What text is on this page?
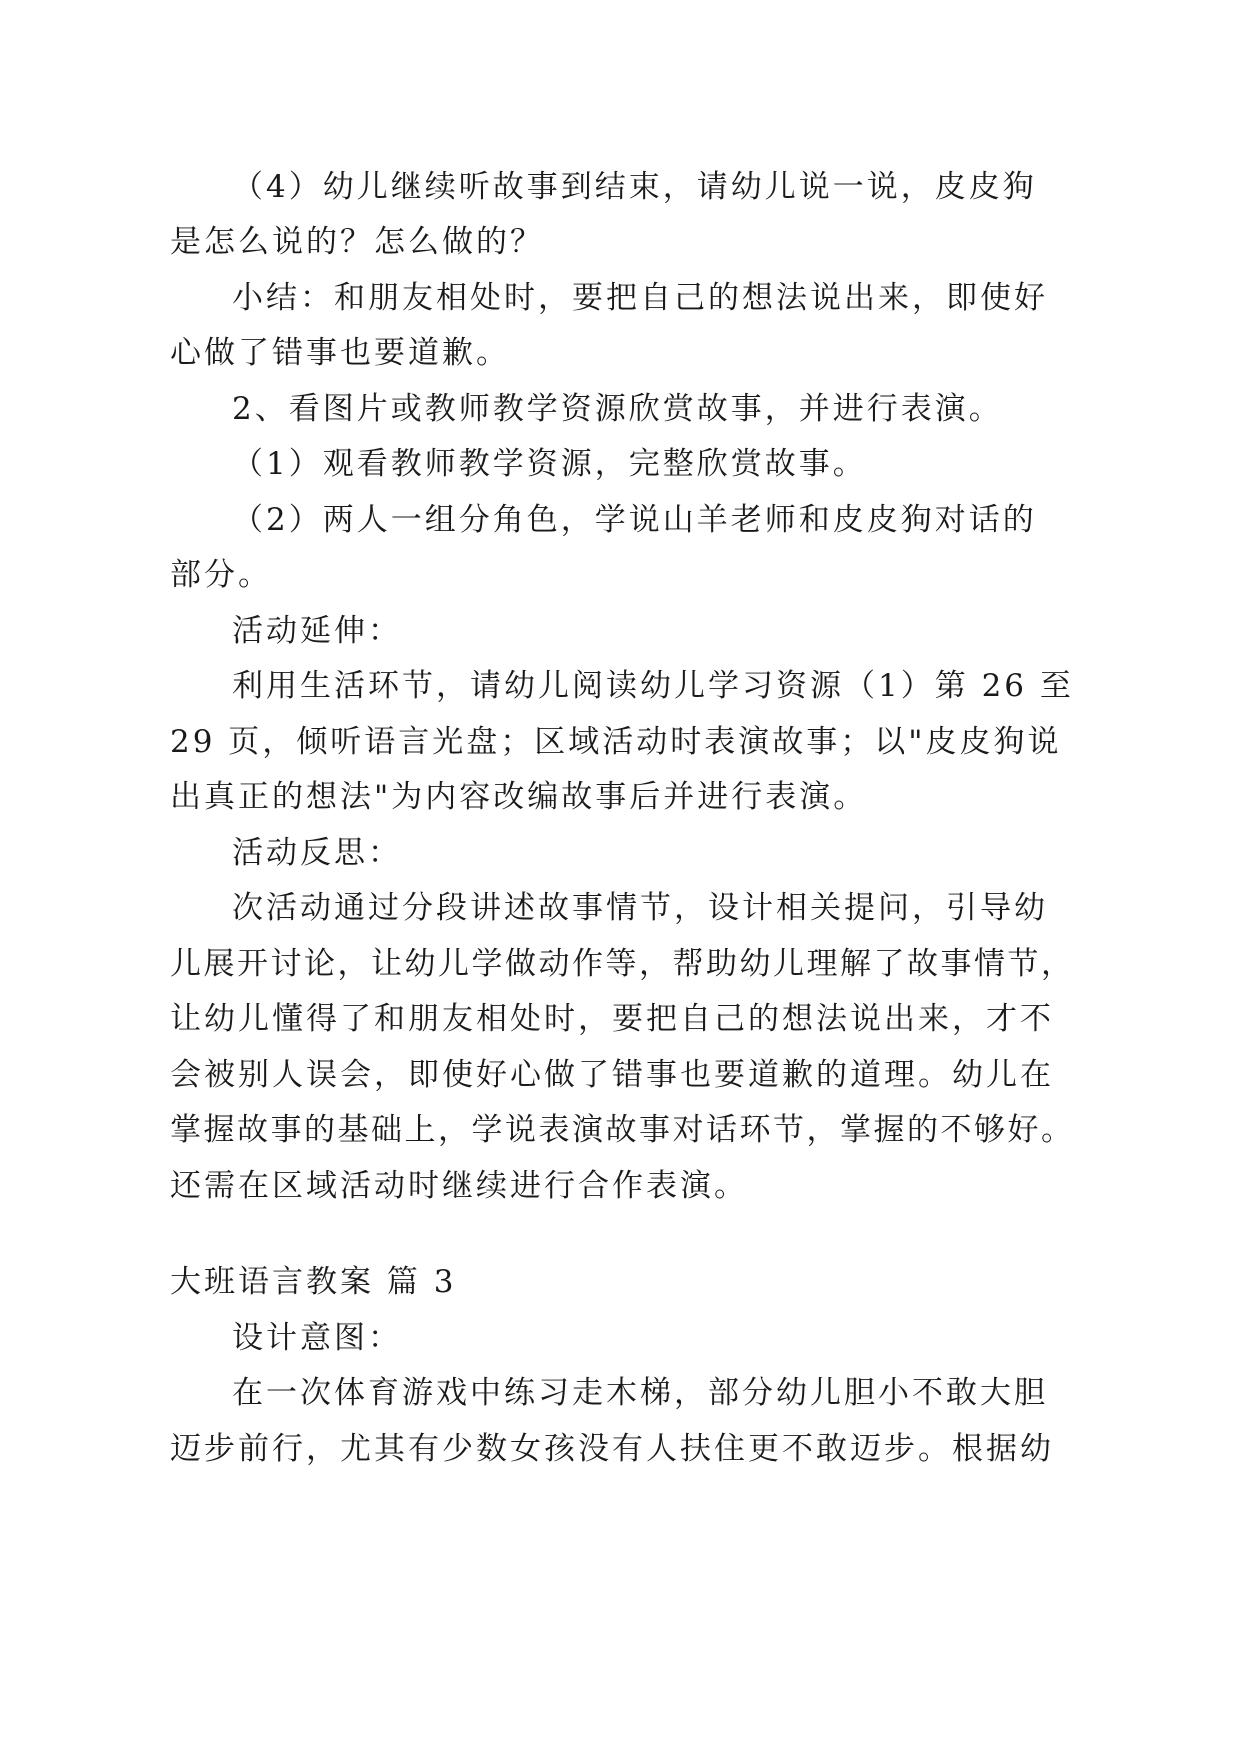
（4）幼儿继续听故事到结束，请幼儿说一说，皮皮狗
是怎么说的？怎么做的？
小结：和朋友相处时，要把自己的想法说出来，即使好
心做了错事也要道歉。
2、看图片或教师教学资源欣赏故事，并进行表演。
（1）观看教师教学资源，完整欣赏故事。
（2）两人一组分角色，学说山羊老师和皮皮狗对话的
部分。
活动延伸：
利用生活环节，请幼儿阅读幼儿学习资源（1）第 26 至
29 页，倾听语言光盘；区域活动时表演故事；以"皮皮狗说
出真正的想法"为内容改编故事后并进行表演。
活动反思：
次活动通过分段讲述故事情节，设计相关提问，引导幼
儿展开讨论，让幼儿学做动作等，帮助幼儿理解了故事情节，
让幼儿懂得了和朋友相处时，要把自己的想法说出来，才不
会被别人误会，即使好心做了错事也要道歉的道理。幼儿在
掌握故事的基础上，学说表演故事对话环节，掌握的不够好。
还需在区域活动时继续进行合作表演。
大班语言教案 篇 3
设计意图：
在一次体育游戏中练习走木梯，部分幼儿胆小不敢大胆
迈步前行，尤其有少数女孩没有人扶住更不敢迈步。根据幼
